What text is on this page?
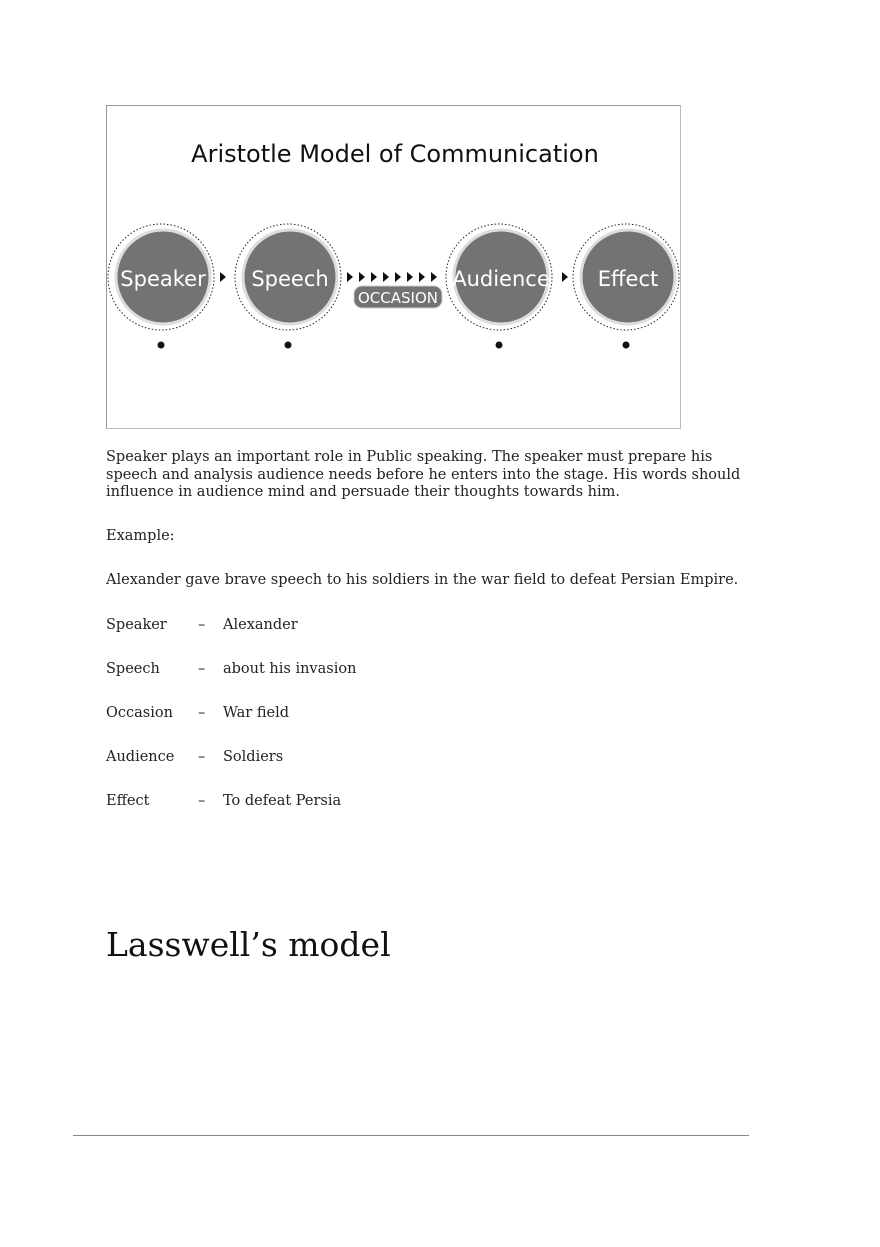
Aristotle Model of Communication
Speaker Speech	Audience Effect
OCCASION
Speaker plays an important role in Public speaking. The speaker must prepare his speech and analysis audience needs before he enters into the stage. His words should influence in audience mind and persuade their thoughts towards him.
Example:
Alexander gave brave speech to his soldiers in the war field to defeat Persian Empire.
Speaker – Alexander
Speech	– about his invasion
Occasion – War field
Audience – Soldiers
Effect	– To defeat Persia
Lasswell’s model
